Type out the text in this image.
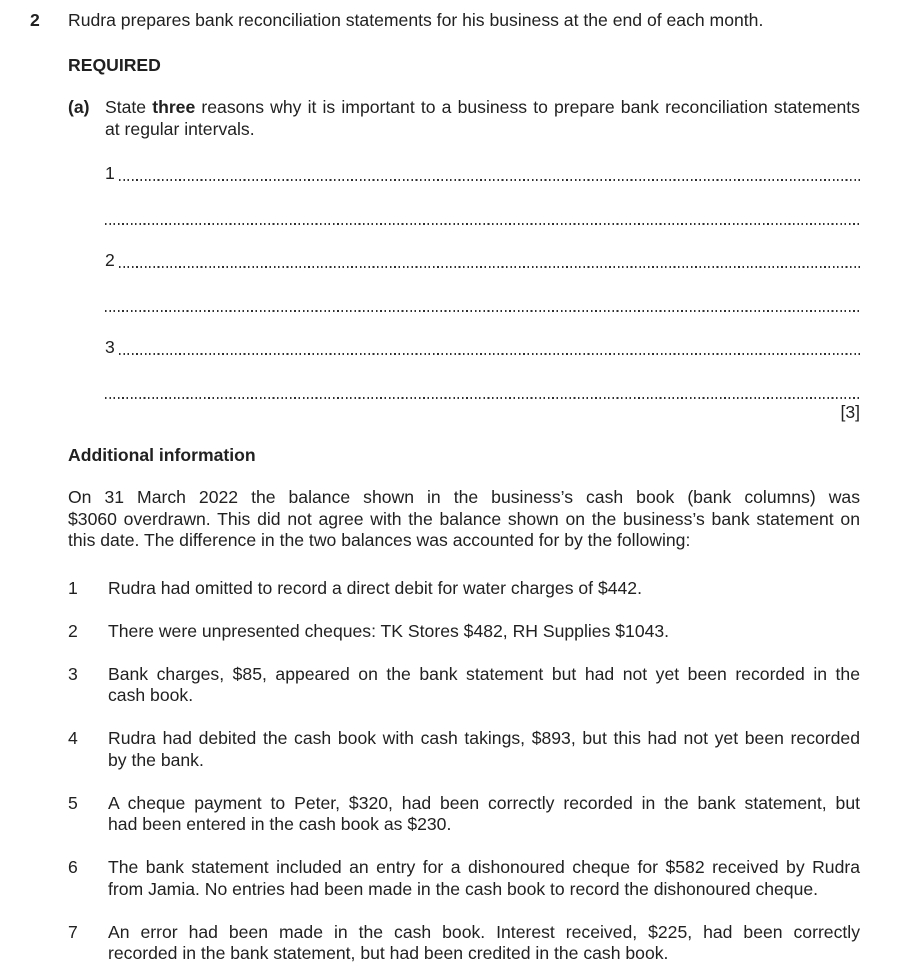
2	Rudra prepares bank reconciliation statements for his business at the end of each month.
REQUIRED
(a) State three reasons why it is important to a business to prepare bank reconciliation statements
at regular intervals.
1
2
3
[3]
Additional information
On 31 March 2022 the balance shown in the business’s cash book (bank columns) was
$3060 overdrawn. This did not agree with the balance shown on the business’s bank statement on
this date. The difference in the two balances was accounted for by the following:
1	Rudra had omitted to record a direct debit for water charges of $442.
2	There were unpresented cheques: TK Stores $482, RH Supplies $1043.
3	Bank charges, $85, appeared on the bank statement but had not yet been recorded in the
cash book.
4	Rudra had debited the cash book with cash takings, $893, but this had not yet been recorded
by the bank.
5	A cheque payment to Peter, $320, had been correctly recorded in the bank statement, but
had been entered in the cash book as $230.
6	The bank statement included an entry for a dishonoured cheque for $582 received by Rudra
from Jamia. No entries had been made in the cash book to record the dishonoured cheque.
7	An error had been made in the cash book. Interest received, $225, had been correctly
recorded in the bank statement, but had been credited in the cash book.
